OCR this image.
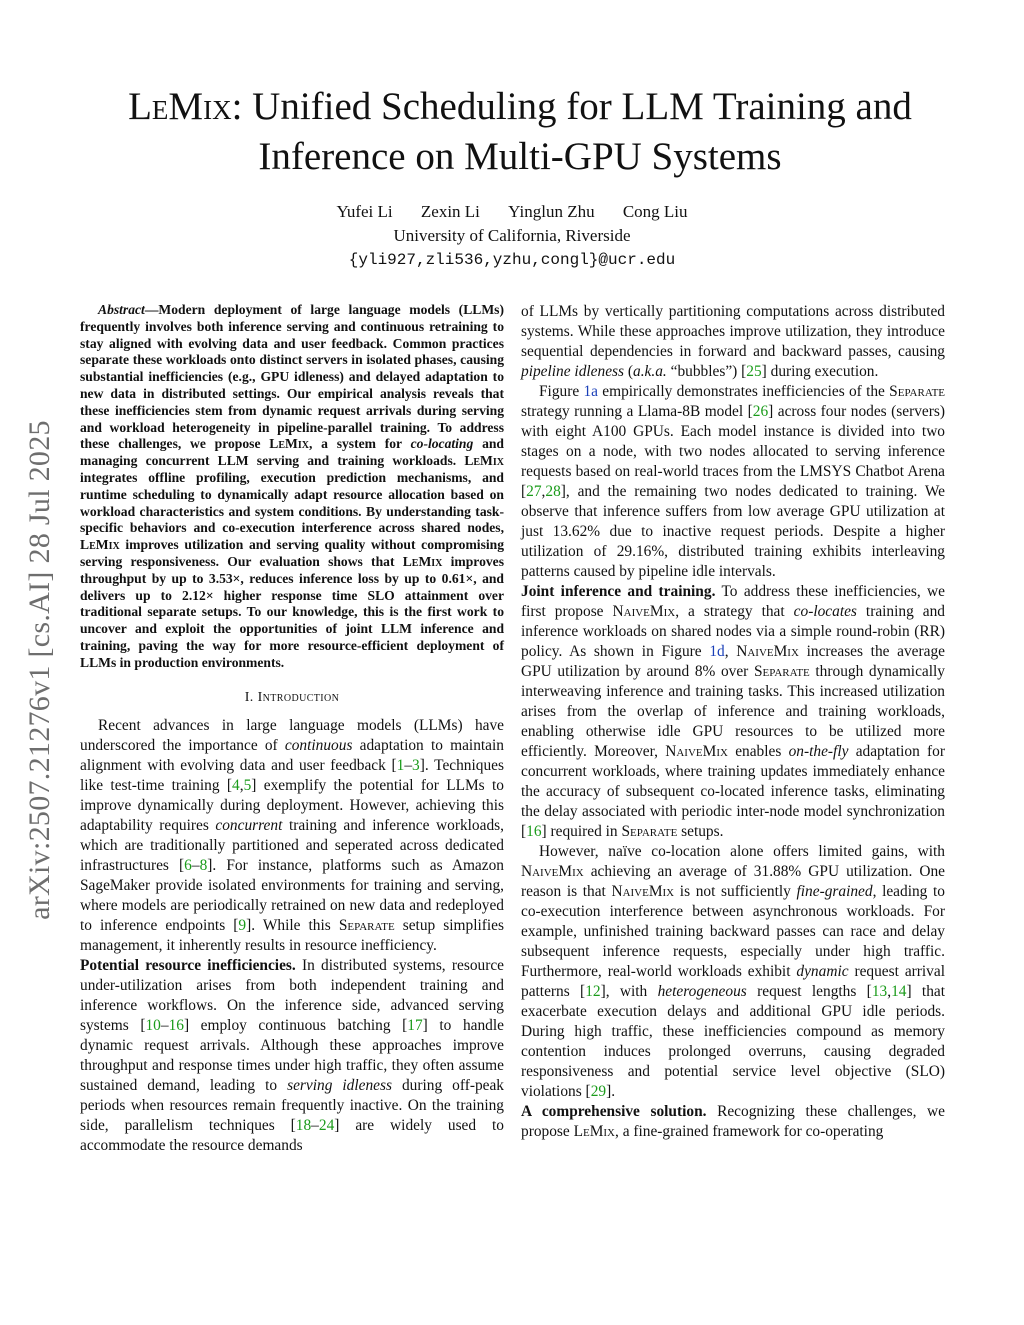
arXiv:2507.21276v1 [cs.AI] 28 Jul 2025
LeMix: Unified Scheduling for LLM Training and
Inference on Multi-GPU Systems
Yufei Li Zexin Li Yinglun Zhu Cong Liu
University of California, Riverside
{yli927,zli536,yzhu,congl}@ucr.edu

Abstract—Modern deployment of large language models (LLMs) frequently involves both inference serving and continuous retraining to stay aligned with evolving data and user feedback. Common practices separate these workloads onto distinct servers in isolated phases, causing substantial inefficiencies (e.g., GPU idleness) and delayed adaptation to new data in distributed settings. Our empirical analysis reveals that these inefficiencies stem from dynamic request arrivals during serving and workload heterogeneity in pipeline-parallel training. To address these challenges, we propose LeMix, a system for co-locating and managing concurrent LLM serving and training workloads. LeMix integrates offline profiling, execution prediction mechanisms, and runtime scheduling to dynamically adapt resource allocation based on workload characteristics and system conditions. By understanding task-specific behaviors and co-execution interference across shared nodes, LeMix improves utilization and serving quality without compromising serving responsiveness. Our evaluation shows that LeMix improves throughput by up to 3.53×, reduces inference loss by up to 0.61×, and delivers up to 2.12× higher response time SLO attainment over traditional separate setups. To our knowledge, this is the first work to uncover and exploit the opportunities of joint LLM inference and training, paving the way for more resource-efficient deployment of LLMs in production environments.

I. Introduction

Recent advances in large language models (LLMs) have underscored the importance of continuous adaptation to maintain alignment with evolving data and user feedback [1–3]. Techniques like test-time training [4,5] exemplify the potential for LLMs to improve dynamically during deployment. However, achieving this adaptability requires concurrent training and inference workloads, which are traditionally partitioned and seperated across dedicated infrastructures [6–8]. For instance, platforms such as Amazon SageMaker provide isolated environments for training and serving, where models are periodically retrained on new data and redeployed to inference endpoints [9]. While this Separate setup simplifies management, it inherently results in resource inefficiency.

Potential resource inefficiencies. In distributed systems, resource under-utilization arises from both independent training and inference workflows. On the inference side, advanced serving systems [10–16] employ continuous batching [17] to handle dynamic request arrivals. Although these approaches improve throughput and response times under high traffic, they often assume sustained demand, leading to serving idleness during off-peak periods when resources remain frequently inactive. On the training side, parallelism techniques [18–24] are widely used to accommodate the resource demands

of LLMs by vertically partitioning computations across distributed systems. While these approaches improve utilization, they introduce sequential dependencies in forward and backward passes, causing pipeline idleness (a.k.a. “bubbles”) [25] during execution.

Figure 1a empirically demonstrates inefficiencies of the Separate strategy running a Llama-8B model [26] across four nodes (servers) with eight A100 GPUs. Each model instance is divided into two stages on a node, with two nodes allocated to serving inference requests based on real-world traces from the LMSYS Chatbot Arena [27,28], and the remaining two nodes dedicated to training. We observe that inference suffers from low average GPU utilization at just 13.62% due to inactive request periods. Despite a higher utilization of 29.16%, distributed training exhibits interleaving patterns caused by pipeline idle intervals.

Joint inference and training. To address these inefficiencies, we first propose NaiveMix, a strategy that co-locates training and inference workloads on shared nodes via a simple round-robin (RR) policy. As shown in Figure 1d, NaiveMix increases the average GPU utilization by around 8% over Separate through dynamically interweaving inference and training tasks. This increased utilization arises from the overlap of inference and training workloads, enabling otherwise idle GPU resources to be utilized more efficiently. Moreover, NaiveMix enables on-the-fly adaptation for concurrent workloads, where training updates immediately enhance the accuracy of subsequent co-located inference tasks, eliminating the delay associated with periodic inter-node model synchronization [16] required in Separate setups.

However, naïve co-location alone offers limited gains, with NaiveMix achieving an average of 31.88% GPU utilization. One reason is that NaiveMix is not sufficiently fine-grained, leading to co-execution interference between asynchronous workloads. For example, unfinished training backward passes can race and delay subsequent inference requests, especially under high traffic. Furthermore, real-world workloads exhibit dynamic request arrival patterns [12], with heterogeneous request lengths [13,14] that exacerbate execution delays and additional GPU idle periods. During high traffic, these inefficiencies compound as memory contention induces prolonged overruns, causing degraded responsiveness and potential service level objective (SLO) violations [29].

A comprehensive solution. Recognizing these challenges, we propose LeMix, a fine-grained framework for co-operating
